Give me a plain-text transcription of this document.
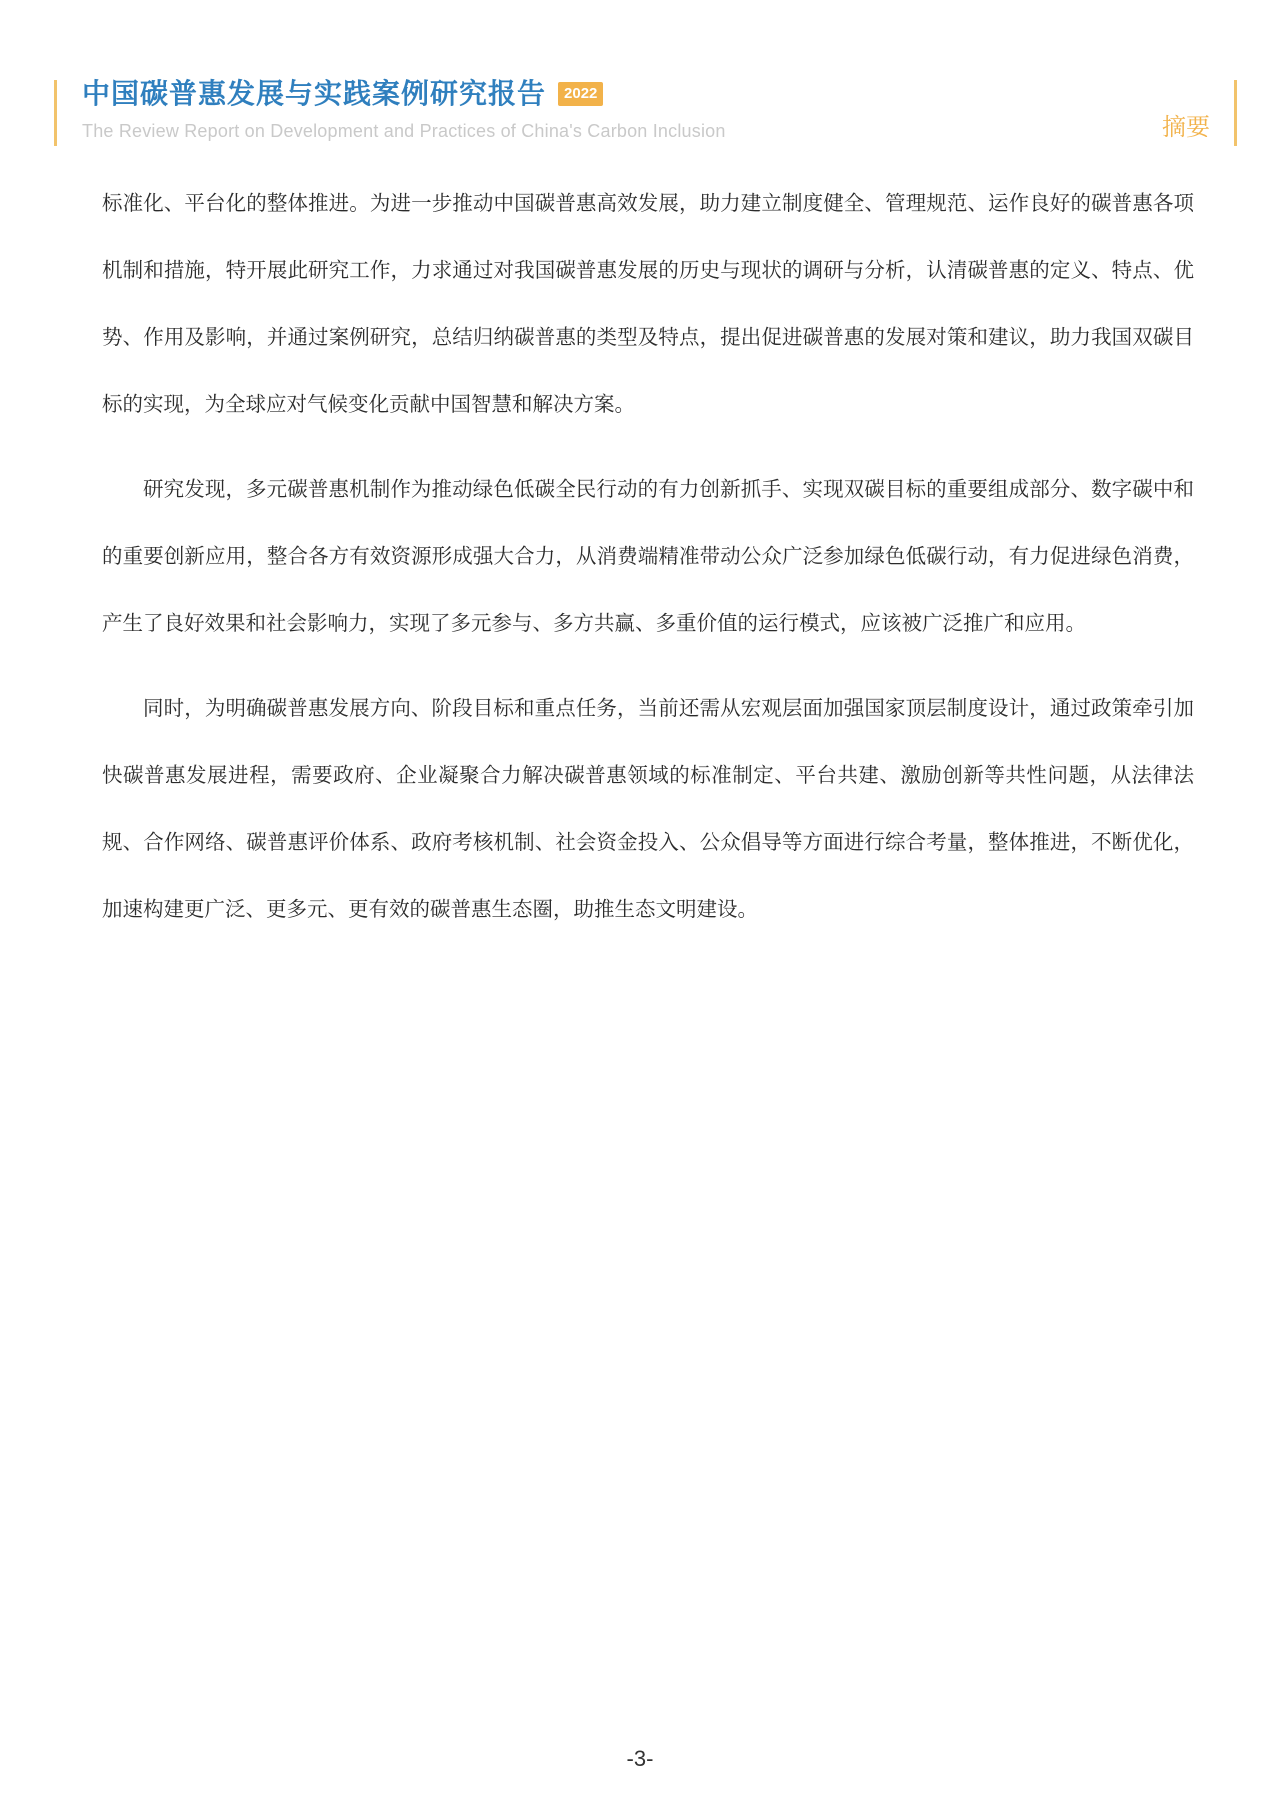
中国碳普惠发展与实践案例研究报告	2022
The Review Report on Development and Practices of China's Carbon Inclusion	摘要

标准化、平台化的整体推进。为进一步推动中国碳普惠高效发展，助力建立制度健全、管理规范、运作良好的碳普惠各项机制和措施，特开展此研究工作，力求通过对我国碳普惠发展的历史与现状的调研与分析，认清碳普惠的定义、特点、优势、作用及影响，并通过案例研究，总结归纳碳普惠的类型及特点，提出促进碳普惠的发展对策和建议，助力我国双碳目标的实现，为全球应对气候变化贡献中国智慧和解决方案。

研究发现，多元碳普惠机制作为推动绿色低碳全民行动的有力创新抓手、实现双碳目标的重要组成部分、数字碳中和的重要创新应用，整合各方有效资源形成强大合力，从消费端精准带动公众广泛参加绿色低碳行动，有力促进绿色消费，产生了良好效果和社会影响力，实现了多元参与、多方共赢、多重价值的运行模式，应该被广泛推广和应用。

同时，为明确碳普惠发展方向、阶段目标和重点任务，当前还需从宏观层面加强国家顶层制度设计，通过政策牵引加快碳普惠发展进程，需要政府、企业凝聚合力解决碳普惠领域的标准制定、平台共建、激励创新等共性问题，从法律法规、合作网络、碳普惠评价体系、政府考核机制、社会资金投入、公众倡导等方面进行综合考量，整体推进，不断优化，加速构建更广泛、更多元、更有效的碳普惠生态圈，助推生态文明建设。

-3-
